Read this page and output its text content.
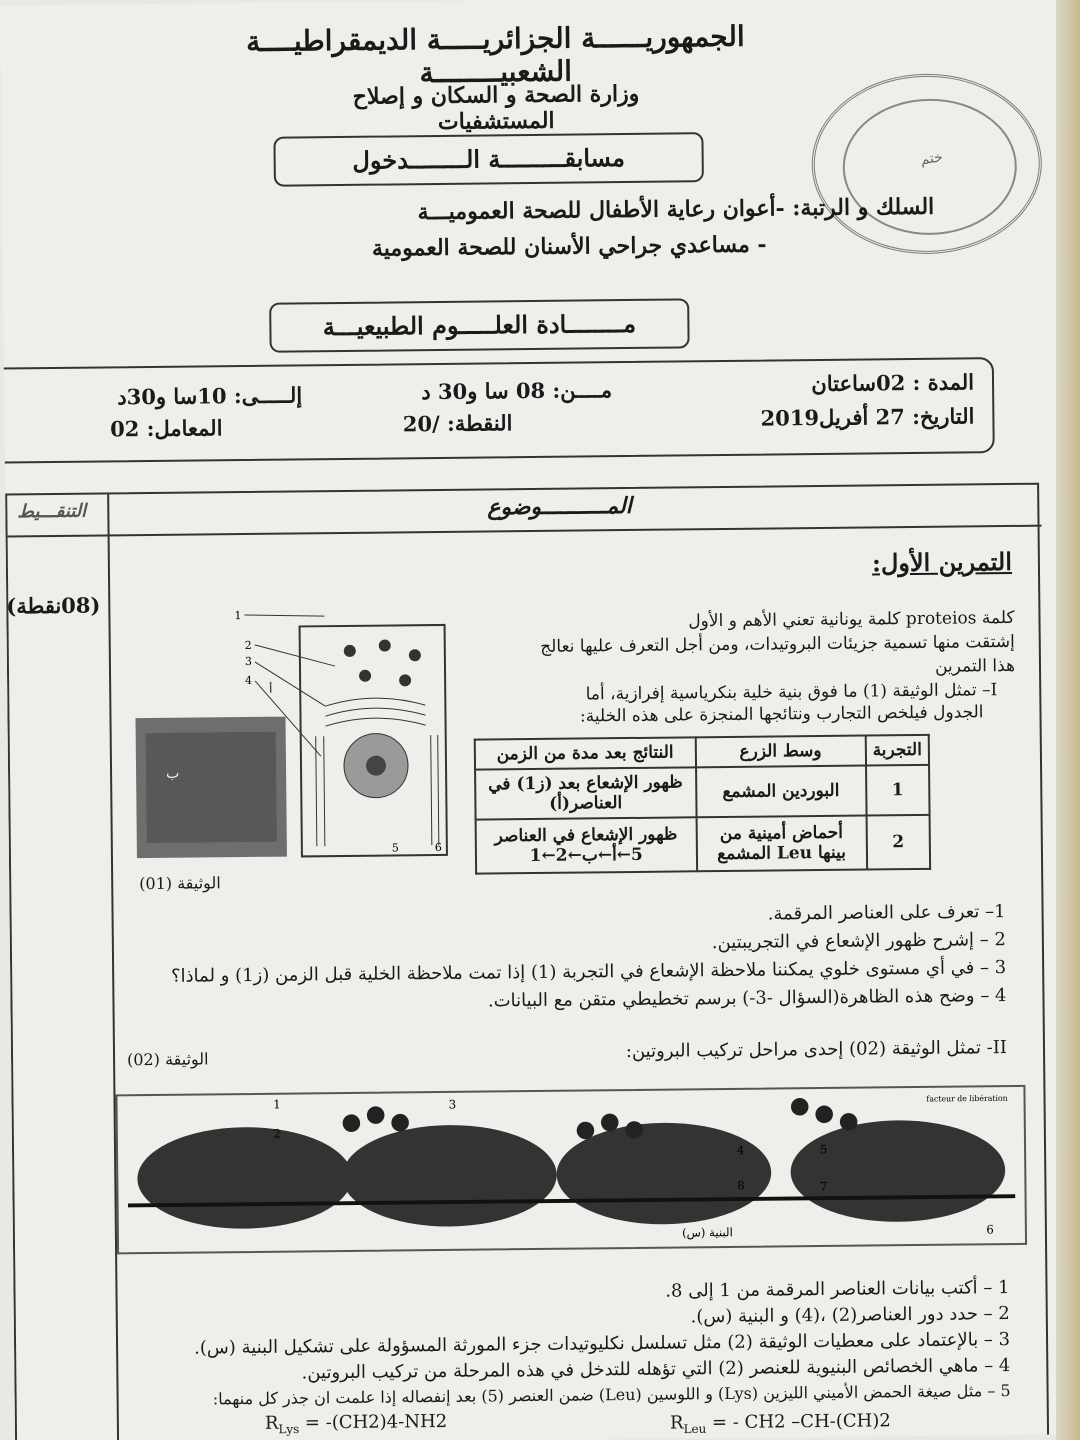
الجمهوريــــــة الجزائريـــــة الديمقراطيــــة الشعبيــــــــة
وزارة الصحة و السكان و إصلاح المستشفيات
مسابقـــــــــة الــــــــدخول	ختم
السلك و الرتبة: -أعوان رعاية الأطفال للصحة العموميـــة
- مساعدي جراحي الأسنان للصحة العمومية
مــــــــادة العلـــــوم الطبيعيـــة
المدة : 02ساعتان
التاريخ: 27 أفريل2019
مــــن: 08 سا و30 د
النقطة: /20
إلـــــى: 10سا و30د
المعامل: 02
المــــــــــوضوع
التنقـــيط
(08نقطة)
التمرين الأول:
كلمة proteios كلمة يونانية تعني الأهم و الأول
إشتقت منها تسمية جزيئات البروتيدات، ومن أجل التعرف عليها نعالج
هذا التمرين
I– تمثل الوثيقة (1) ما فوق بنية خلية بنكرياسية إفرازية، أما
الجدول فيلخص التجارب ونتائجها المنجزة على هذه الخلية:
التجربة	وسط الزرع	النتائج بعد مدة من الزمن
1	البوردين المشمع	ظهور الإشعاع بعد (ز1) في العناصر(أ)
2	أحماض أمينية من بينها Leu المشمع	ظهور الإشعاع في العناصر 5←أ←ب←2←1
1
2
3
4
5	6
أ
ب
الوثيقة (01)
1– تعرف على العناصر المرقمة.
2 – إشرح ظهور الإشعاع في التجريبتين.
3 – في أي مستوى خلوي يمكننا ملاحظة الإشعاع في التجربة (1) إذا تمت ملاحظة الخلية قبل الزمن (ز1) و لماذا؟
4 – وضح هذه الظاهرة(السؤال -3-) برسم تخطيطي متقن مع البيانات.
II- تمثل الوثيقة (02) إحدى مراحل تركيب البروتين:
الوثيقة (02)
1
2
3
4	5
6
7
8
البنية (س)
facteur de libération
1 – أكتب بيانات العناصر المرقمة من 1 إلى 8.
2 – حدد دور العناصر(2) ،(4) و البنية (س).
3 – بالإعتماد على معطيات الوثيقة (2) مثل تسلسل نكليوتيدات جزء المورثة المسؤولة على تشكيل البنية (س).
4 – ماهي الخصائص البنيوية للعنصر (2) التي تؤهله للتدخل في هذه المرحلة من تركيب البروتين.
5 – مثل صيغة الحمض الأميني الليزين (Lys) و اللوسين (Leu) ضمن العنصر (5) بعد إنفصاله إذا علمت ان جذر كل منهما:
$R_{Lys} = -(CH2)4-NH2$	$R_{Leu}$ = - CH2 –CH-(CH)2
